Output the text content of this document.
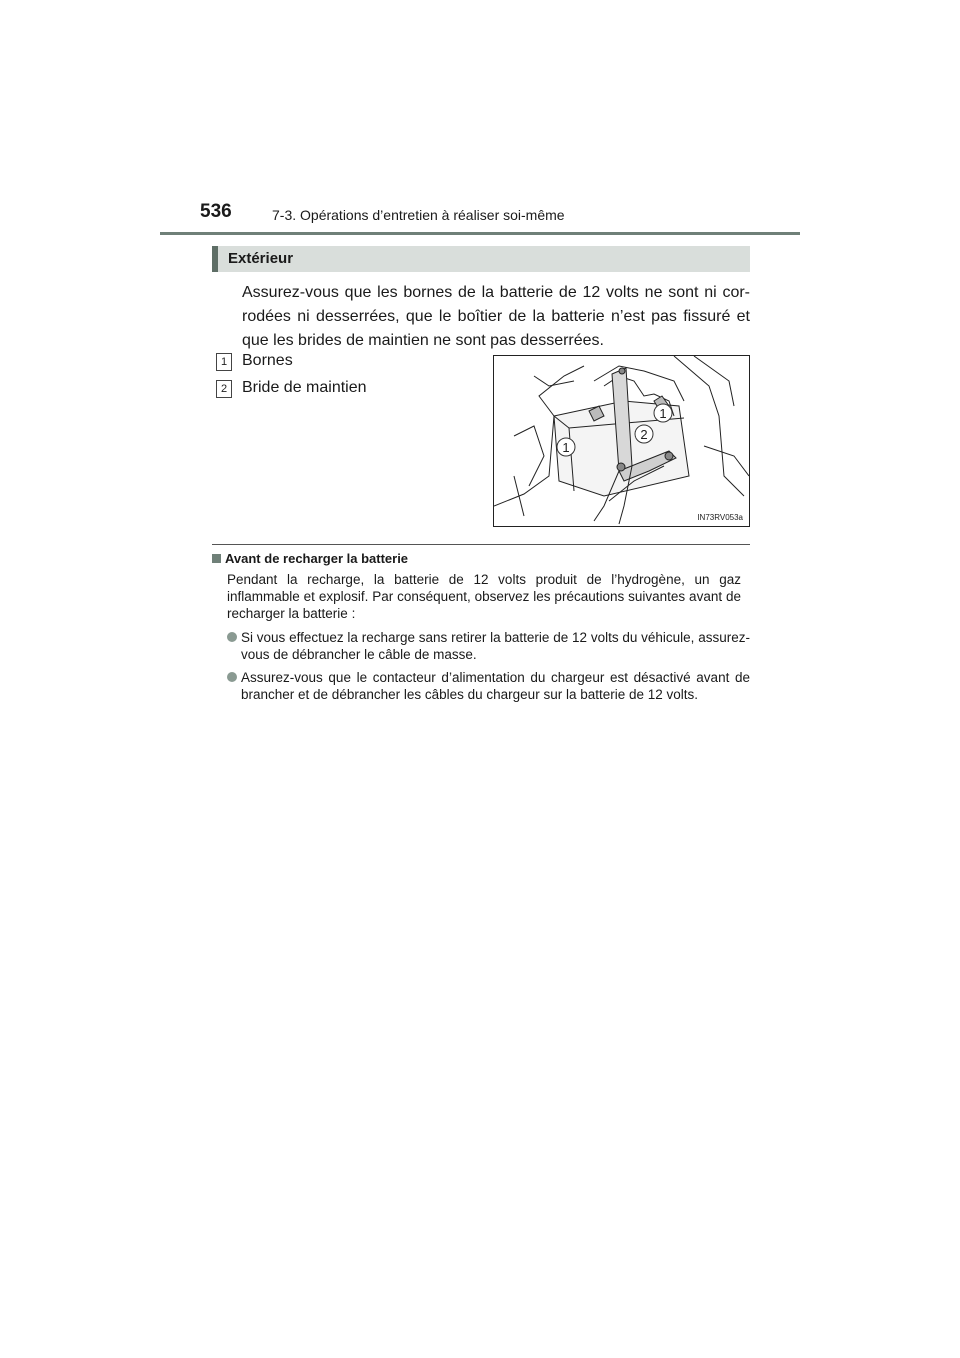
536	7-3. Opérations d’entretien à réaliser soi-même
Extérieur
Assurez-vous que les bornes de la batterie de 12 volts ne sont ni cor-rodées ni desserrées, que le boîtier de la batterie n’est pas fissuré et que les brides de maintien ne sont pas desserrées.
1 Bornes
2 Bride de maintien
1
1
2
IN73RV053a
Avant de recharger la batterie
Pendant la recharge, la batterie de 12 volts produit de l’hydrogène, un gaz inflammable et explosif. Par conséquent, observez les précautions suivantes avant de recharger la batterie :
Si vous effectuez la recharge sans retirer la batterie de 12 volts du véhicule, assurez-vous de débrancher le câble de masse.
Assurez-vous que le contacteur d’alimentation du chargeur est désactivé avant de brancher et de débrancher les câbles du chargeur sur la batterie de 12 volts.
